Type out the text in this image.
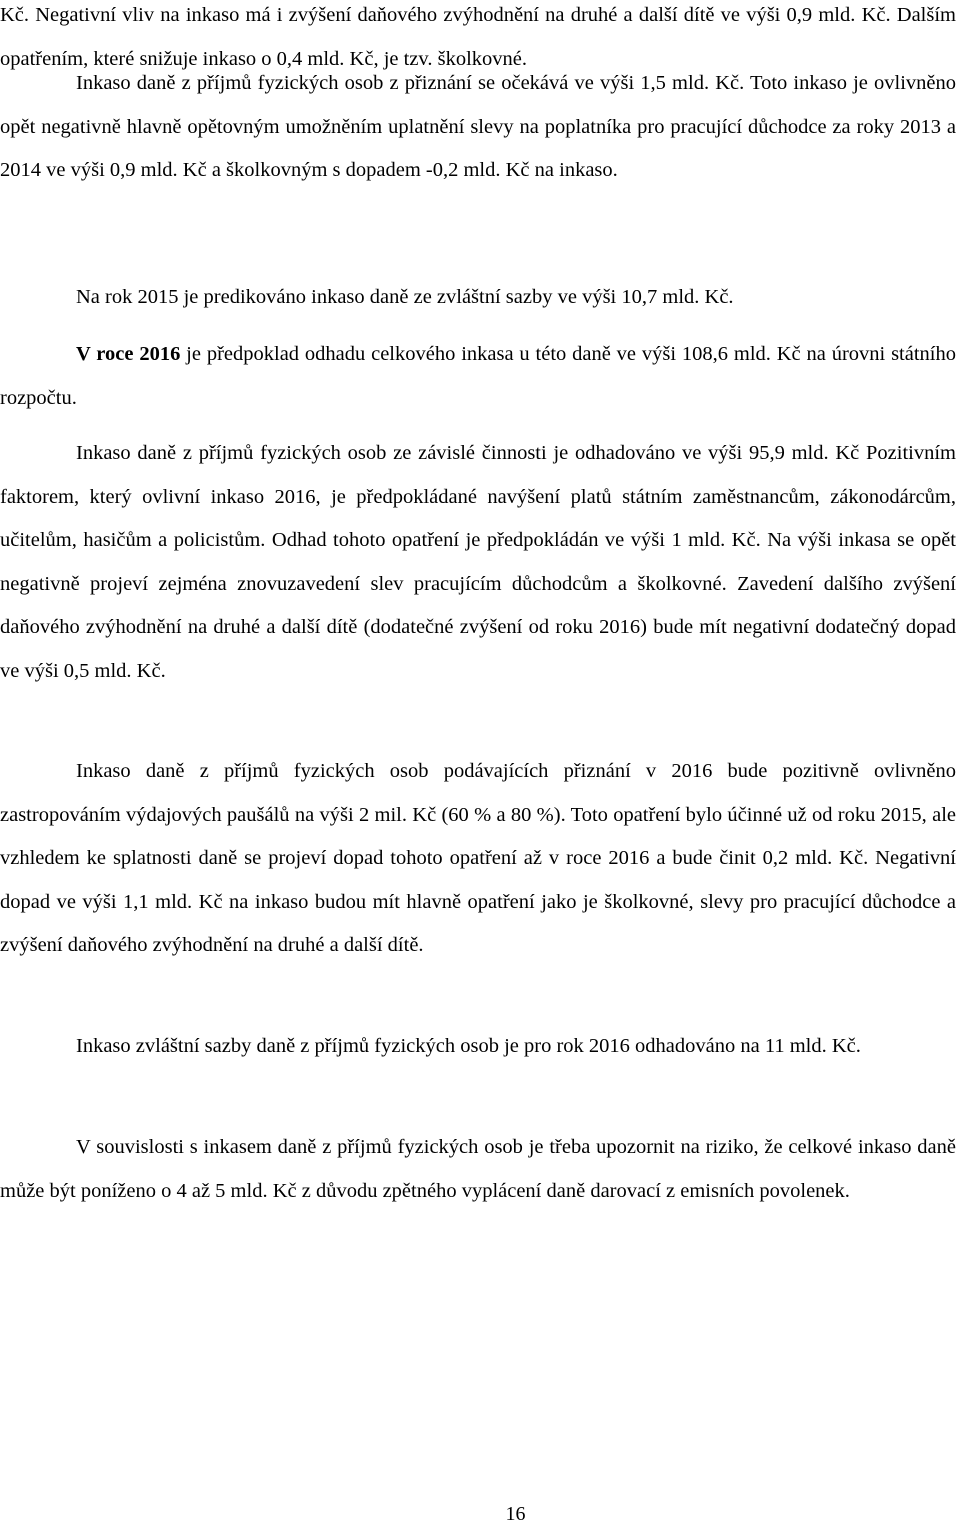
Kč. Negativní vliv na inkaso má i zvýšení daňového zvýhodnění na druhé a další dítě ve výši 0,9 mld. Kč. Dalším opatřením, které snižuje inkaso o 0,4 mld. Kč, je tzv. školkovné.

Inkaso daně z příjmů fyzických osob z přiznání se očekává ve výši 1,5 mld. Kč. Toto inkaso je ovlivněno opět negativně hlavně opětovným umožněním uplatnění slevy na poplatníka pro pracující důchodce za roky 2013 a 2014 ve výši 0,9 mld. Kč a školkovným s dopadem -0,2 mld. Kč na inkaso.

Na rok 2015 je predikováno inkaso daně ze zvláštní sazby ve výši 10,7 mld. Kč.

V roce 2016 je předpoklad odhadu celkového inkasa u této daně ve výši 108,6 mld. Kč na úrovni státního rozpočtu.

Inkaso daně z příjmů fyzických osob ze závislé činnosti je odhadováno ve výši 95,9 mld. Kč Pozitivním faktorem, který ovlivní inkaso 2016, je předpokládané navýšení platů státním zaměstnancům, zákonodárcům, učitelům, hasičům a policistům. Odhad tohoto opatření je předpokládán ve výši 1 mld. Kč. Na výši inkasa se opět negativně projeví zejména znovuzavedení slev pracujícím důchodcům a školkovné. Zavedení dalšího zvýšení daňového zvýhodnění na druhé a další dítě (dodatečné zvýšení od roku 2016) bude mít negativní dodatečný dopad ve výši 0,5 mld. Kč.

Inkaso daně z příjmů fyzických osob podávajících přiznání v 2016 bude pozitivně ovlivněno zastropováním výdajových paušálů na výši 2 mil. Kč (60 % a 80 %). Toto opatření bylo účinné už od roku 2015, ale vzhledem ke splatnosti daně se projeví dopad tohoto opatření až v roce 2016 a bude činit 0,2 mld. Kč. Negativní dopad ve výši 1,1 mld. Kč na inkaso budou mít hlavně opatření jako je školkovné, slevy pro pracující důchodce a zvýšení daňového zvýhodnění na druhé a další dítě.

Inkaso zvláštní sazby daně z příjmů fyzických osob je pro rok 2016 odhadováno na 11 mld. Kč.

V souvislosti s inkasem daně z příjmů fyzických osob je třeba upozornit na riziko, že celkové inkaso daně může být poníženo o 4 až 5 mld. Kč z důvodu zpětného vyplácení daně darovací z emisních povolenek.

16
